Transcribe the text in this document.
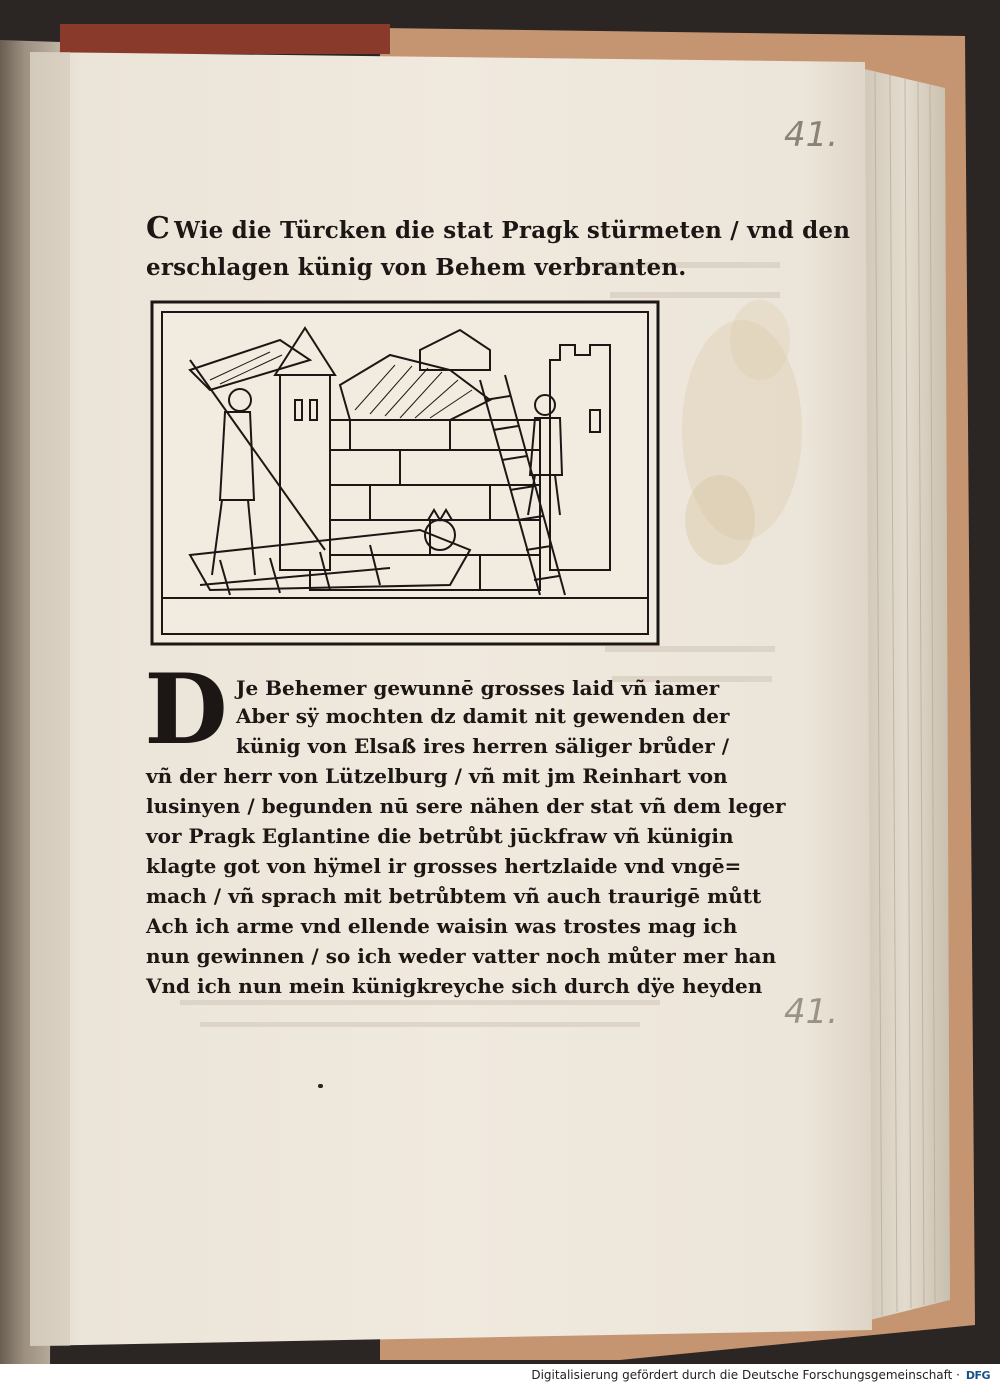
41.
C Wie die Türcken die stat Pragk stürmeten / vnd den
erschlagen künig von Behem verbranten.
D Je Behemer gewunnē grosses laid vñ iamer
Aber sÿ mochten dz damit nit gewenden der
künig von Elsaß ires herren säliger brůder /
vñ der herr von Lützelburg / vñ mit jm Reinhart von
lusinyen / begunden nū sere nähen der stat vñ dem leger
vor Pragk Eglantine die betrůbt jūckfraw vñ künigin
klagte got von hÿmel ir grosses hertzlaide vnd vngē=
mach / vñ sprach mit betrůbtem vñ auch traurigē můtt
Ach ich arme vnd ellende waisin was trostes mag ich
nun gewinnen / so ich weder vatter noch můter mer han
Vnd ich nun mein künigkreyche sich durch dÿe heyden
41.
Digitalisierung gefördert durch die Deutsche Forschungsgemeinschaft · DFG
